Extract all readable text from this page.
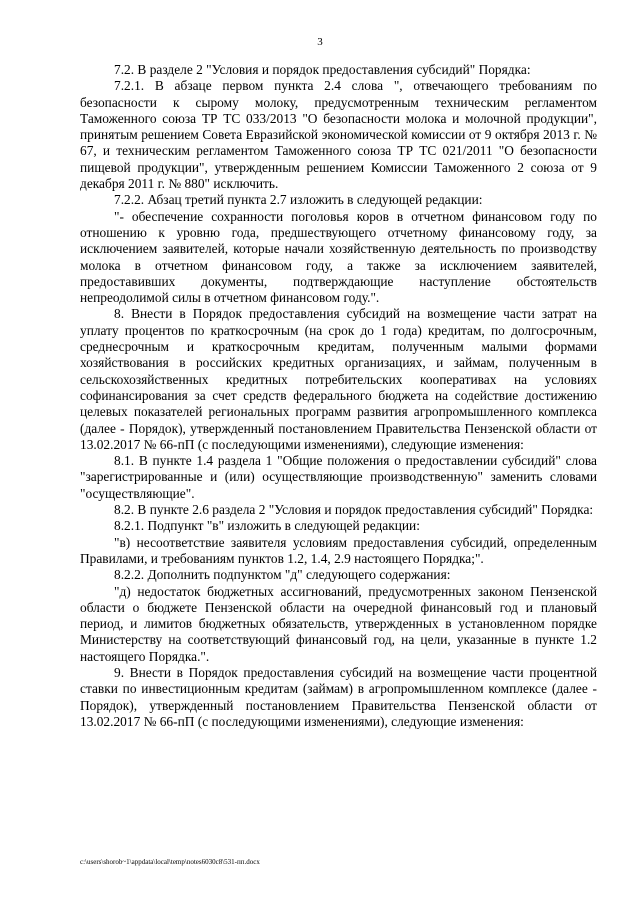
3

7.2. В разделе 2 "Условия и порядок предоставления субсидий" Порядка:

7.2.1. В абзаце первом пункта 2.4 слова ", отвечающего требованиям по безопасности к сырому молоку, предусмотренным техническим регламентом Таможенного союза ТР ТС 033/2013 "О безопасности молока и молочной продукции", принятым решением Совета Евразийской экономической комиссии от 9 октября 2013 г. № 67, и техническим регламентом Таможенного союза ТР ТС 021/2011 "О безопасности пищевой продукции", утвержденным решением Комиссии Таможенного 2 союза от 9 декабря 2011 г. № 880" исключить.

7.2.2. Абзац третий пункта 2.7 изложить в следующей редакции:

"- обеспечение сохранности поголовья коров в отчетном финансовом году по отношению к уровню года, предшествующего отчетному финансовому году, за исключением заявителей, которые начали хозяйственную деятельность по производству молока в отчетном финансовом году, а также за исключением заявителей, предоставивших документы, подтверждающие наступление обстоятельств непреодолимой силы в отчетном финансовом году.".

8. Внести в Порядок предоставления субсидий на возмещение части затрат на уплату процентов по краткосрочным (на срок до 1 года) кредитам, по долгосрочным, среднесрочным и краткосрочным кредитам, полученным малыми формами хозяйствования в российских кредитных организациях, и займам, полученным в сельскохозяйственных кредитных потребительских кооперативах на условиях софинансирования за счет средств федерального бюджета на содействие достижению целевых показателей региональных программ развития агропромышленного комплекса (далее - Порядок), утвержденный постановлением Правительства Пензенской области от 13.02.2017 № 66-пП (с последующими изменениями), следующие изменения:

8.1. В пункте 1.4 раздела 1 "Общие положения о предоставлении субсидий" слова "зарегистрированные и (или) осуществляющие производственную" заменить словами "осуществляющие".

8.2. В пункте 2.6 раздела 2 "Условия и порядок предоставления субсидий" Порядка:

8.2.1. Подпункт "в" изложить в следующей редакции:

"в) несоответствие заявителя условиям предоставления субсидий, определенным Правилами, и требованиям пунктов 1.2, 1.4, 2.9 настоящего Порядка;".

8.2.2. Дополнить подпунктом "д" следующего содержания:

"д) недостаток бюджетных ассигнований, предусмотренных законом Пензенской области о бюджете Пензенской области на очередной финансовый год и плановый период, и лимитов бюджетных обязательств, утвержденных в установленном порядке Министерству на соответствующий финансовый год, на цели, указанные в пункте 1.2 настоящего Порядка.".

9. Внести в Порядок предоставления субсидий на возмещение части процентной ставки по инвестиционным кредитам (займам) в агропромышленном комплексе (далее - Порядок), утвержденный постановлением Правительства Пензенской области от 13.02.2017 № 66-пП (с последующими изменениями), следующие изменения:

c:\users\shorob~1\appdata\local\temp\notes6030c8\531-пп.docx
